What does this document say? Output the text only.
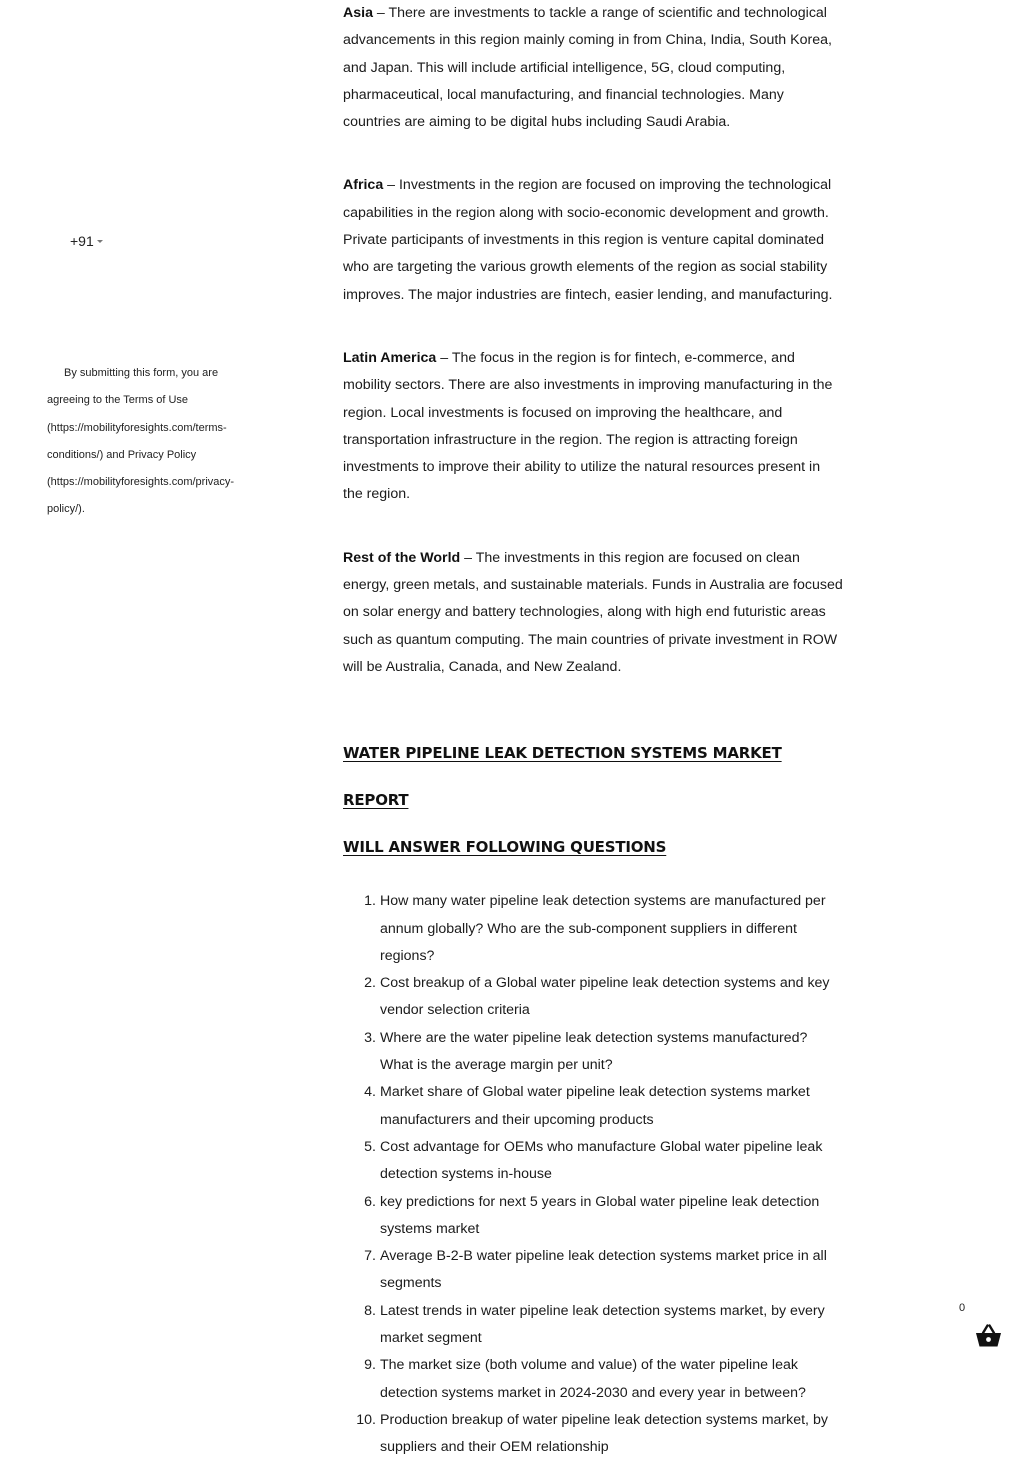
+91
By submitting this form, you are agreeing to the Terms of Use (https://mobilityforesights.com/terms-conditions/) and Privacy Policy (https://mobilityforesights.com/privacy-policy/).

Asia – There are investments to tackle a range of scientific and technological advancements in this region mainly coming in from China, India, South Korea, and Japan. This will include artificial intelligence, 5G, cloud computing, pharmaceutical, local manufacturing, and financial technologies. Many countries are aiming to be digital hubs including Saudi Arabia.

Africa – Investments in the region are focused on improving the technological capabilities in the region along with socio-economic development and growth. Private participants of investments in this region is venture capital dominated who are targeting the various growth elements of the region as social stability improves. The major industries are fintech, easier lending, and manufacturing.

Latin America – The focus in the region is for fintech, e-commerce, and mobility sectors. There are also investments in improving manufacturing in the region. Local investments is focused on improving the healthcare, and transportation infrastructure in the region. The region is attracting foreign investments to improve their ability to utilize the natural resources present in the region.

Rest of the World – The investments in this region are focused on clean energy, green metals, and sustainable materials. Funds in Australia are focused on solar energy and battery technologies, along with high end futuristic areas such as quantum computing. The main countries of private investment in ROW will be Australia, Canada, and New Zealand.

WATER PIPELINE LEAK DETECTION SYSTEMS MARKET REPORT

WILL ANSWER FOLLOWING QUESTIONS

1. How many water pipeline leak detection systems are manufactured per annum globally? Who are the sub-component suppliers in different regions?
2. Cost breakup of a Global water pipeline leak detection systems and key vendor selection criteria
3. Where are the water pipeline leak detection systems manufactured? What is the average margin per unit?
4. Market share of Global water pipeline leak detection systems market manufacturers and their upcoming products
5. Cost advantage for OEMs who manufacture Global water pipeline leak detection systems in-house
6. key predictions for next 5 years in Global water pipeline leak detection systems market
7. Average B-2-B water pipeline leak detection systems market price in all segments
8. Latest trends in water pipeline leak detection systems market, by every market segment
9. The market size (both volume and value) of the water pipeline leak detection systems market in 2024-2030 and every year in between?
10. Production breakup of water pipeline leak detection systems market, by suppliers and their OEM relationship
0
